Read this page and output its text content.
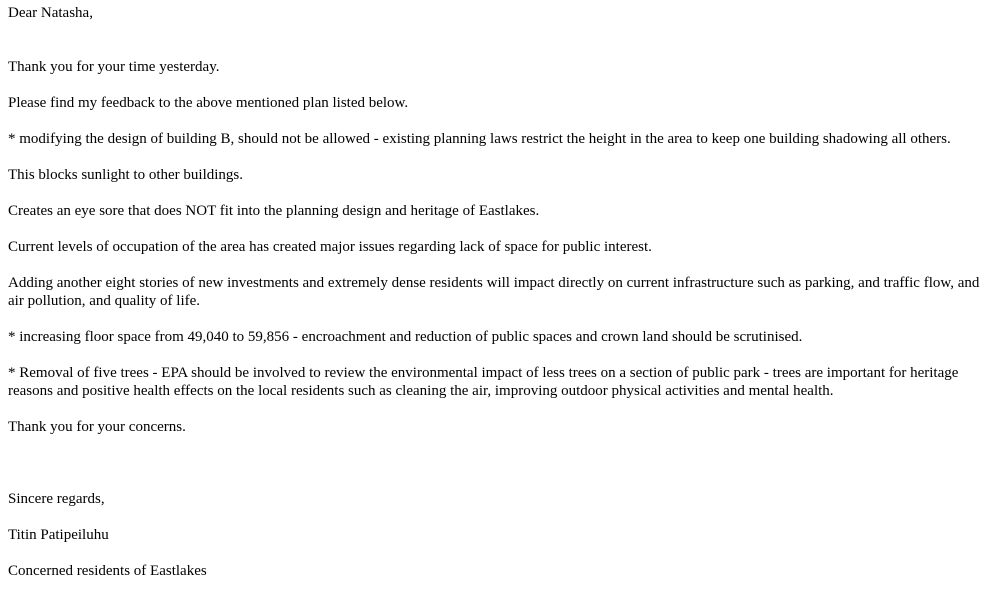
Dear Natasha,

Thank you for your time yesterday.

Please find my feedback to the above mentioned plan listed below.

* modifying the design of building B, should not be allowed - existing planning laws restrict the height in the area to keep one building shadowing all others.

This blocks sunlight to other buildings.

Creates an eye sore that does NOT fit into the planning design and heritage of Eastlakes.

Current levels of occupation of the area has created major issues regarding lack of space for public interest.

Adding another eight stories of new investments and extremely dense residents will impact directly on current infrastructure such as parking, and traffic flow, and air pollution, and quality of life.

* increasing floor space from 49,040 to 59,856 - encroachment and reduction of public spaces and crown land should be scrutinised.

* Removal of five trees - EPA should be involved to review the environmental impact of less trees on a section of public park - trees are important for heritage reasons and positive health effects on the local residents such as cleaning the air, improving outdoor physical activities and mental health.

Thank you for your concerns.

Sincere regards,

Titin Patipeiluhu

Concerned residents of Eastlakes
